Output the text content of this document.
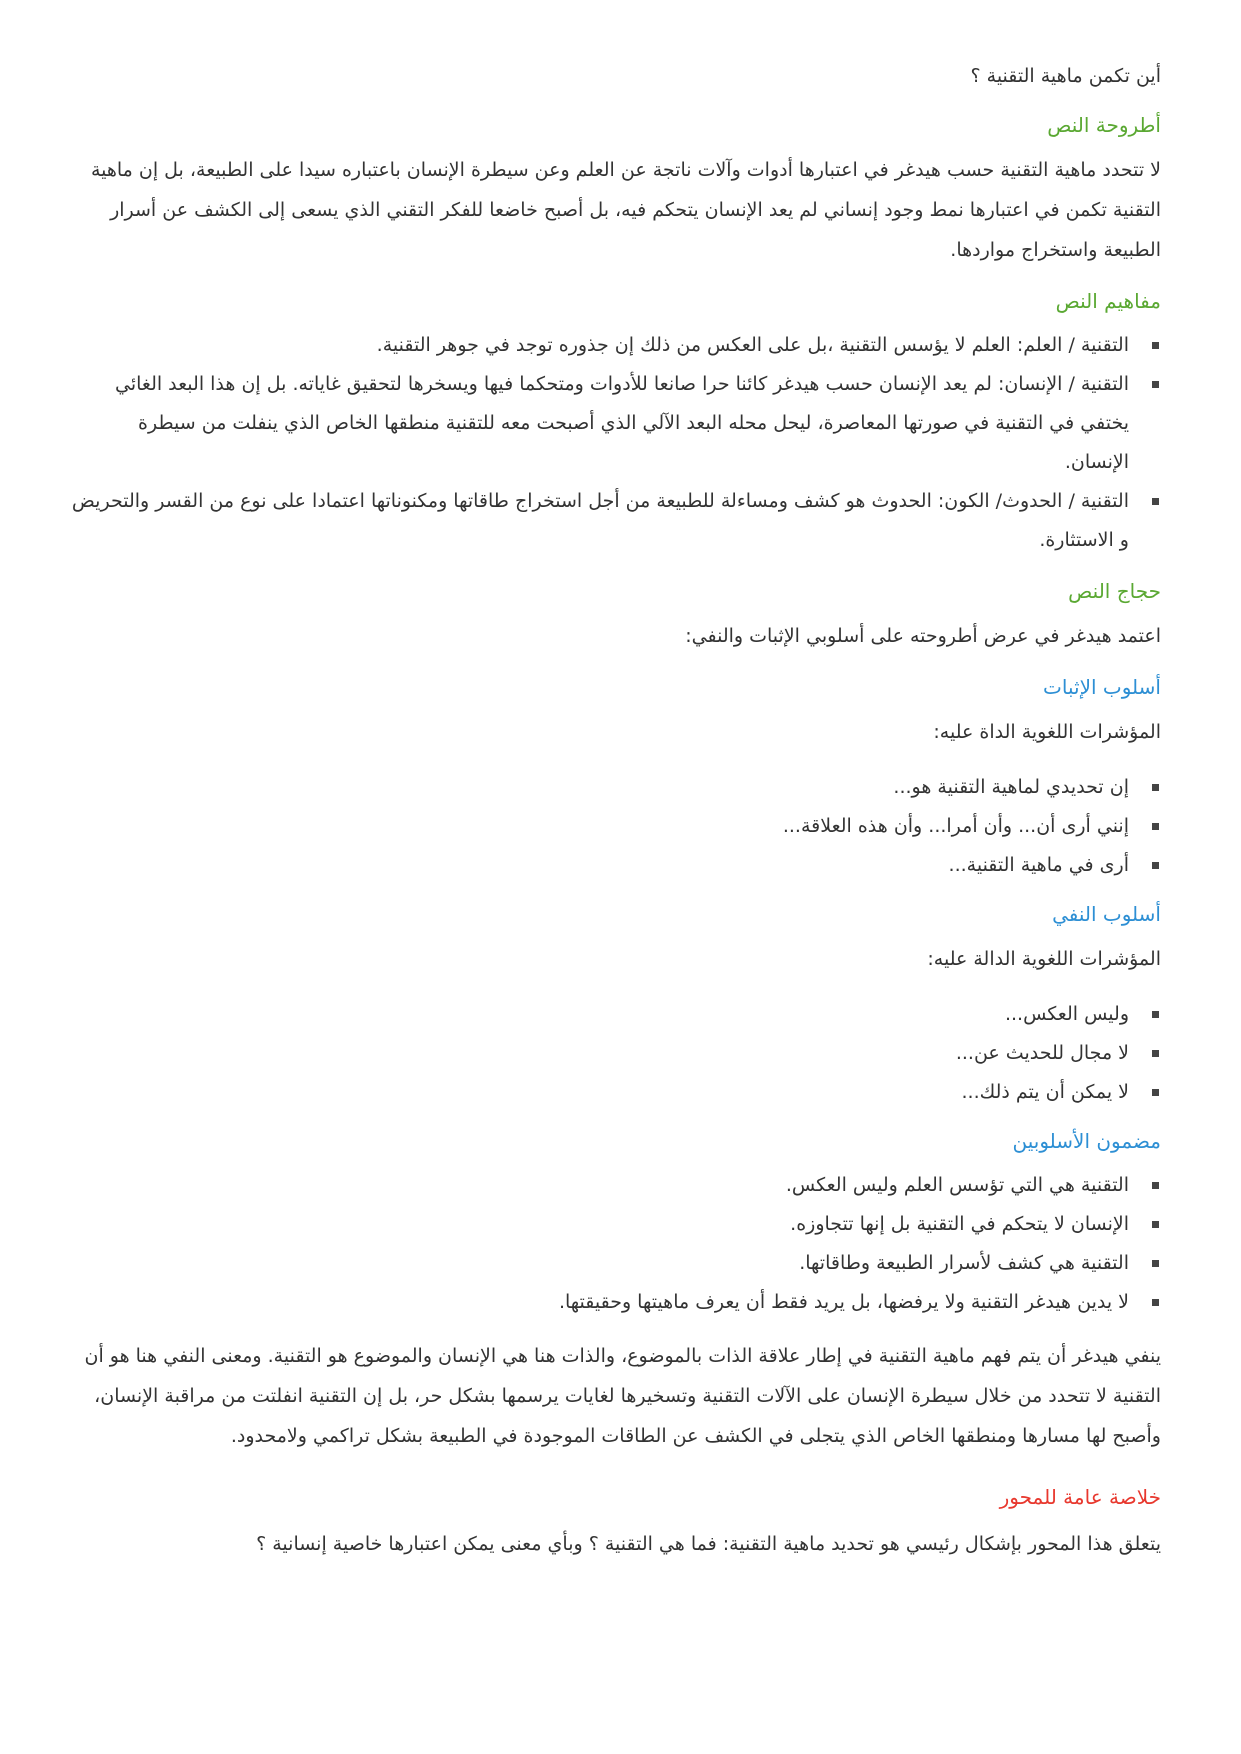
أين تكمن ماهية التقنية ؟

أطروحة النص

لا تتحدد ماهية التقنية حسب هيدغر في اعتبارها أدوات وآلات ناتجة عن العلم وعن سيطرة الإنسان باعتباره سيدا على الطبيعة، بل إن ماهية التقنية تكمن في اعتبارها نمط وجود إنساني لم يعد الإنسان يتحكم فيه، بل أصبح خاضعا للفكر التقني الذي يسعى إلى الكشف عن أسرار الطبيعة واستخراج مواردها.

مفاهيم النص
التقنية / العلم: العلم لا يؤسس التقنية ،بل على العكس من ذلك إن جذوره توجد في جوهر التقنية.
التقنية / الإنسان: لم يعد الإنسان حسب هيدغر كائنا حرا صانعا للأدوات ومتحكما فيها ويسخرها لتحقيق غاياته. بل إن هذا البعد الغائي يختفي في التقنية في صورتها المعاصرة، ليحل محله البعد الآلي الذي أصبحت معه للتقنية منطقها الخاص الذي ينفلت من سيطرة الإنسان.
التقنية / الحدوث/ الكون: الحدوث هو كشف ومساءلة للطبيعة من أجل استخراج طاقاتها ومكنوناتها اعتمادا على نوع من القسر والتحريض و الاستثارة.
حجاج النص

اعتمد هيدغر في عرض أطروحته على أسلوبي الإثبات والنفي:

أسلوب الإثبات

المؤشرات اللغوية الداة عليه:

إن تحديدي لماهية التقنية هو...
إنني أرى أن... وأن أمرا... وأن هذه العلاقة...
أرى في ماهية التقنية...
أسلوب النفي

المؤشرات اللغوية الدالة عليه:

وليس العكس...
لا مجال للحديث عن...
لا يمكن أن يتم ذلك...
مضمون الأسلوبين
التقنية هي التي تؤسس العلم وليس العكس.
الإنسان لا يتحكم في التقنية بل إنها تتجاوزه.
التقنية هي كشف لأسرار الطبيعة وطاقاتها.
لا يدين هيدغر التقنية ولا يرفضها، بل يريد فقط أن يعرف ماهيتها وحقيقتها.

ينفي هيدغر أن يتم فهم ماهية التقنية في إطار علاقة الذات بالموضوع، والذات هنا هي الإنسان والموضوع هو التقنية. ومعنى النفي هنا هو أن التقنية لا تتحدد من خلال سيطرة الإنسان على الآلات التقنية وتسخيرها لغايات يرسمها بشكل حر، بل إن التقنية انفلتت من مراقبة الإنسان، وأصبح لها مسارها ومنطقها الخاص الذي يتجلى في الكشف عن الطاقات الموجودة في الطبيعة بشكل تراكمي ولامحدود.

خلاصة عامة للمحور

يتعلق هذا المحور بإشكال رئيسي هو تحديد ماهية التقنية: فما هي التقنية ؟ وبأي معنى يمكن اعتبارها خاصية إنسانية ؟
